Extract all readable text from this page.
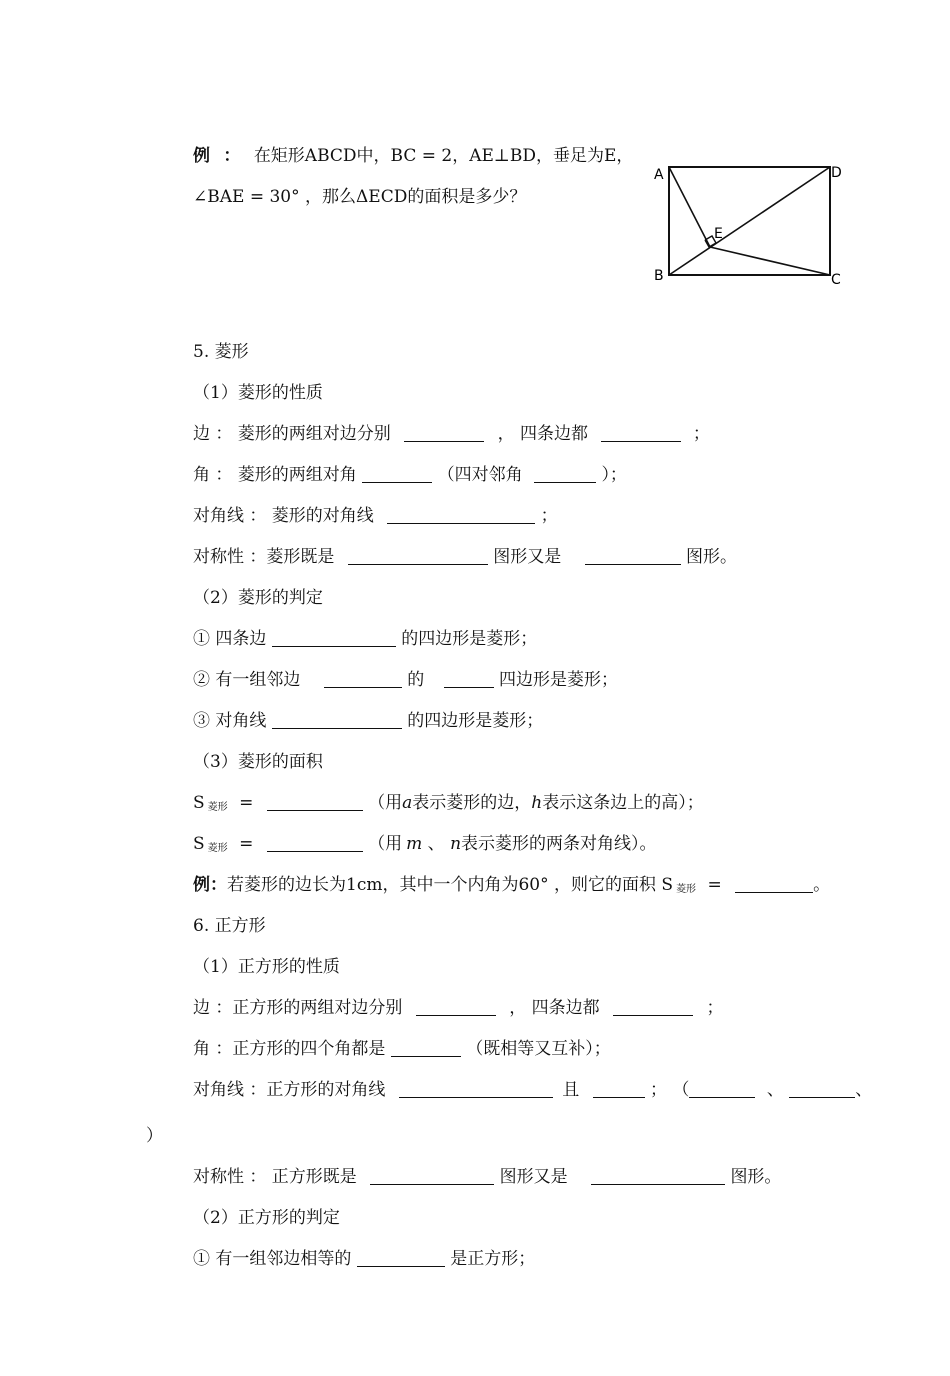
例 ： 在矩形ABCD中，BC = 2，AE⊥BD，垂足为E，
∠BAE = 30° ，那么ΔECD的面积是多少？
A
B	C
D
E
5. 菱形
（1）菱形的性质
边 ： 菱形的两组对边分别	， 四条边都	；
角 ： 菱形的两组对角	（四对邻角	）；
对角线 ： 菱形的对角线	；
对称性 ：菱形既是	图形又是	图形。
（2）菱形的判定
① 四条边	的四边形是菱形；
② 有一组邻边	的	四边形是菱形；
③ 对角线	的四边形是菱形；
（3）菱形的面积
S $_{菱形}$ =	（用a表示菱形的边，h表示这条边上的高）；
S $_{菱形}$ =	（用 m 、 n表示菱形的两条对角线）。
例：若菱形的边长为1cm，其中一个内角为60° ，则它的面积 S $_{菱形}$ =	。
6. 正方形
（1）正方形的性质
边 ：正方形的两组对边分别	， 四条边都	；
角 ：正方形的四个角都是	（既相等又互补）；
对角线 ：正方形的对角线	且	； （	、	、
）
对称性 ： 正方形既是	图形又是	图形。
（2）正方形的判定
① 有一组邻边相等的	是正方形；
